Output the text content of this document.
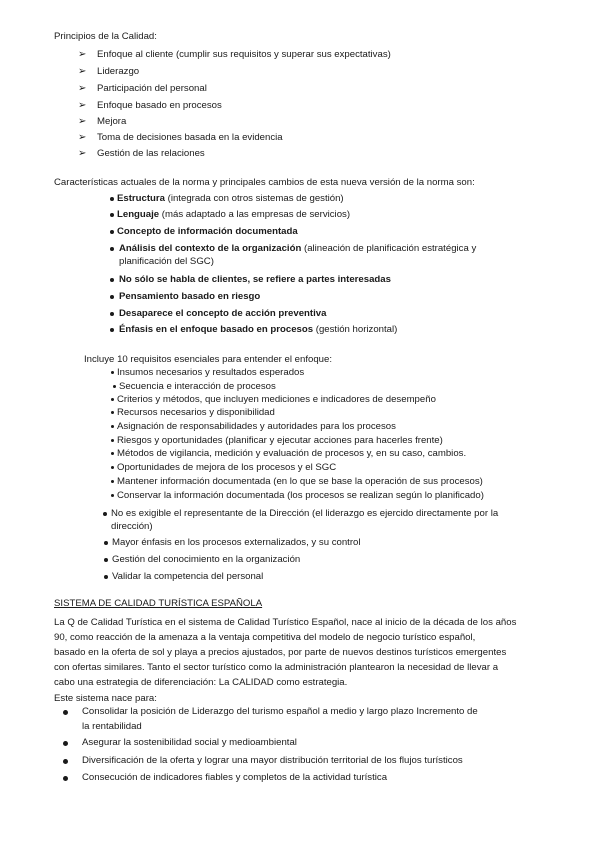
Principios de la Calidad:
➢ Enfoque al cliente (cumplir sus requisitos y superar sus expectativas)
➢ Liderazgo
➢ Participación del personal
➢ Enfoque basado en procesos
➢ Mejora
➢ Toma de decisiones basada en la evidencia
➢ Gestión de las relaciones
Características actuales de la norma y principales cambios de esta nueva versión de la norma son:
Estructura (integrada con otros sistemas de gestión)
Lenguaje (más adaptado a las empresas de servicios)
Concepto de información documentada
Análisis del contexto de la organización (alineación de planificación estratégica y
planificación del SGC)
No sólo se habla de clientes, se refiere a partes interesadas
Pensamiento basado en riesgo
Desaparece el concepto de acción preventiva
Énfasis en el enfoque basado en procesos (gestión horizontal)
Incluye 10 requisitos esenciales para entender el enfoque:
Insumos necesarios y resultados esperados
Secuencia e interacción de procesos
Criterios y métodos, que incluyen mediciones e indicadores de desempeño
Recursos necesarios y disponibilidad
Asignación de responsabilidades y autoridades para los procesos
Riesgos y oportunidades (planificar y ejecutar acciones para hacerles frente)
Métodos de vigilancia, medición y evaluación de procesos y, en su caso, cambios.
Oportunidades de mejora de los procesos y el SGC
Mantener información documentada (en lo que se base la operación de sus procesos)
Conservar la información documentada (los procesos se realizan según lo planificado)
No es exigible el representante de la Dirección (el liderazgo es ejercido directamente por la
dirección)
Mayor énfasis en los procesos externalizados, y su control
Gestión del conocimiento en la organización
Validar la competencia del personal
SISTEMA DE CALIDAD TURÍSTICA ESPAÑOLA
La Q de Calidad Turística en el sistema de Calidad Turístico Español, nace al inicio de la década de los años
90, como reacción de la amenaza a la ventaja competitiva del modelo de negocio turístico español,
basado en la oferta de sol y playa a precios ajustados, por parte de nuevos destinos turísticos emergentes
con ofertas similares. Tanto el sector turístico como la administración plantearon la necesidad de llevar a
cabo una estrategia de diferenciación: La CALIDAD como estrategia.
Este sistema nace para:
Consolidar la posición de Liderazgo del turismo español a medio y largo plazo Incremento de
la rentabilidad
Asegurar la sostenibilidad social y medioambiental
Diversificación de la oferta y lograr una mayor distribución territorial de los flujos turísticos
Consecución de indicadores fiables y completos de la actividad turística
